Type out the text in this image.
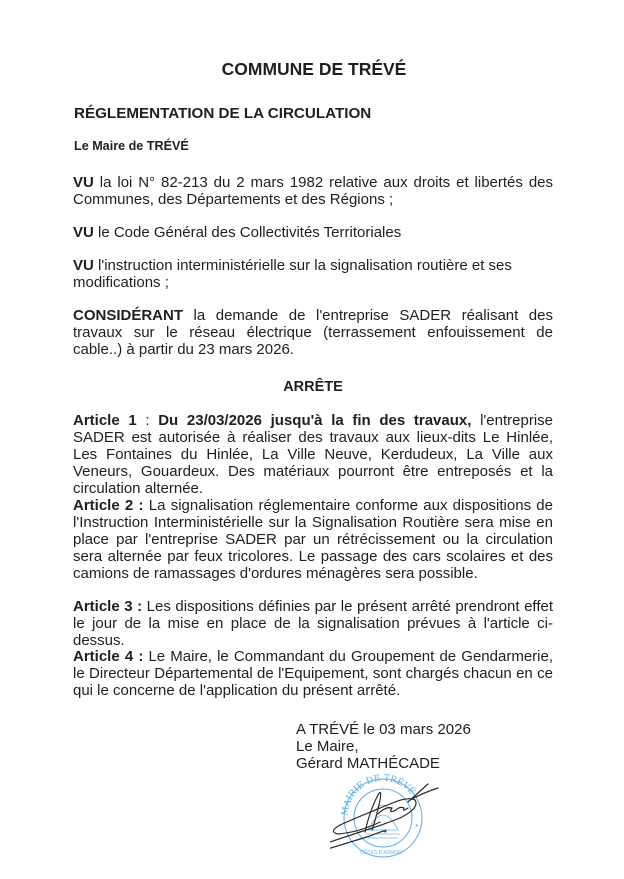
COMMUNE DE TRÉVÉ
RÉGLEMENTATION DE LA CIRCULATION
Le Maire de TRÉVÉ
VU la loi N° 82-213 du 2 mars 1982 relative aux droits et libertés des Communes, des Départements et des Régions ;
VU le Code Général des Collectivités Territoriales
VU l'instruction interministérielle sur la signalisation routière et ses modifications ;
CONSIDÉRANT la demande de l'entreprise SADER réalisant des travaux sur le réseau électrique (terrassement enfouissement de cable..) à partir du 23 mars 2026.
ARRÊTE
Article 1 : Du 23/03/2026 jusqu'à la fin des travaux, l'entreprise SADER est autorisée à réaliser des travaux aux lieux-dits Le Hinlée, Les Fontaines du Hinlée, La Ville Neuve, Kerdudeux, La Ville aux Veneurs, Gouardeux. Des matériaux pourront être entreposés et la circulation alternée.
Article 2 : La signalisation réglementaire conforme aux dispositions de l'Instruction Interministérielle sur la Signalisation Routière sera mise en place par l'entreprise SADER par un rétrécissement ou la circulation sera alternée par feux tricolores. Le passage des cars scolaires et des camions de ramassages d'ordures ménagères sera possible.
Article 3 : Les dispositions définies par le présent arrêté prendront effet le jour de la mise en place de la signalisation prévues à l'article ci-dessus.
Article 4 : Le Maire, le Commandant du Groupement de Gendarmerie, le Directeur Départemental de l'Equipement, sont chargés chacun en ce qui le concerne de l'application du présent arrêté.
A TRÉVÉ le 03 mars 2026
Le Maire,
Gérard MATHÉCADE
MAIRIE DE TRÉVÉ
*
CÔTES D'ARMOR
